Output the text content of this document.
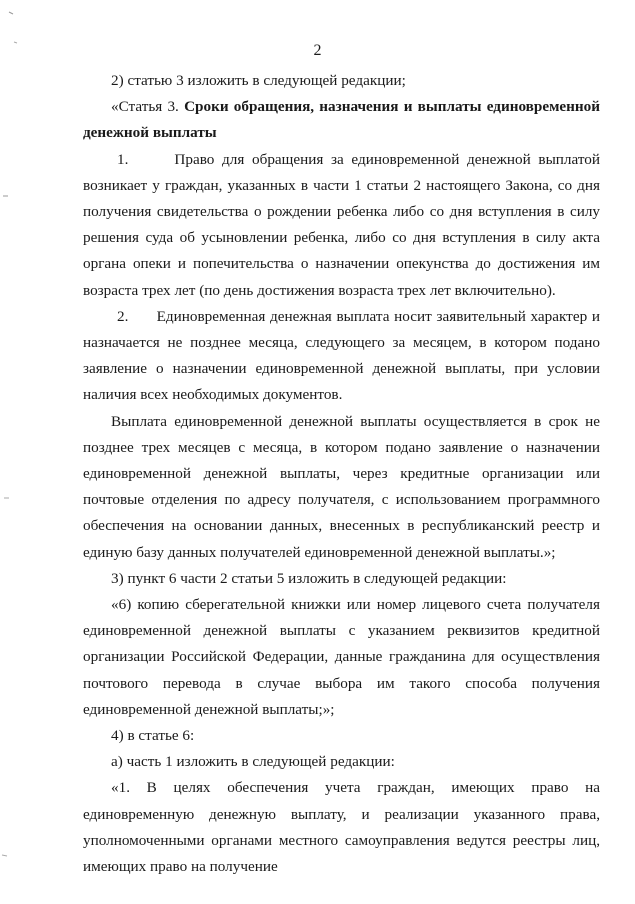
2

2) статью 3 изложить в следующей редакции;

«Статья 3. Сроки обращения, назначения и выплаты единовременной денежной выплаты

1.      Право для обращения за единовременной денежной выплатой возникает у граждан, указанных в части 1 статьи 2 настоящего Закона, со дня получения свидетельства о рождении ребенка либо со дня вступления в силу решения суда об усыновлении ребенка, либо со дня вступления в силу акта органа опеки и попечительства о назначении опекунства до достижения им возраста трех лет (по день достижения возраста трех лет включительно).

2.      Единовременная денежная выплата носит заявительный характер и назначается не позднее месяца, следующего за месяцем, в котором подано заявление о назначении единовременной денежной выплаты, при условии наличия всех необходимых документов.

Выплата единовременной денежной выплаты осуществляется в срок не позднее трех месяцев с месяца, в котором подано заявление о назначении единовременной денежной выплаты, через кредитные организации или почтовые отделения по адресу получателя, с использованием программного обеспечения на основании данных, внесенных в республиканский реестр и единую базу данных получателей единовременной денежной выплаты.»;

3) пункт 6 части 2 статьи 5 изложить в следующей редакции:

«6) копию сберегательной книжки или номер лицевого счета получателя единовременной денежной выплаты с указанием реквизитов кредитной организации Российской Федерации, данные гражданина для осуществления почтового перевода в случае выбора им такого способа получения единовременной денежной выплаты;»;

4) в статье 6:

а) часть 1 изложить в следующей редакции:

«1. В целях обеспечения учета граждан, имеющих право на единовременную денежную выплату, и реализации указанного права, уполномоченными органами местного самоуправления ведутся реестры лиц, имеющих право на получение
